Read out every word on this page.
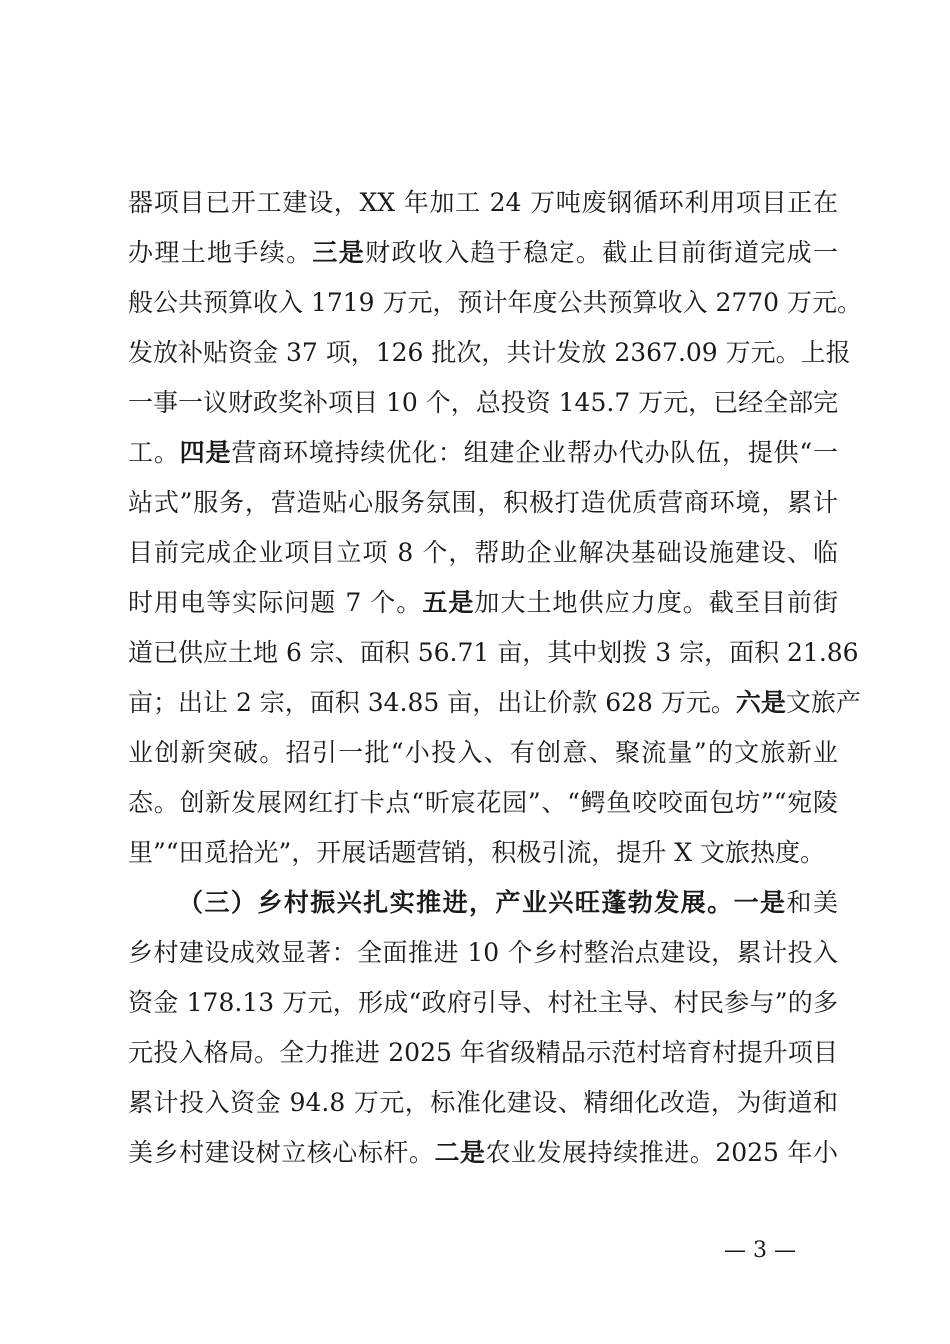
器项目已开工建设，XX 年加工 24 万吨废钢循环利用项目正在
办理土地手续。三是财政收入趋于稳定。截止目前街道完成一
般公共预算收入 1719 万元，预计年度公共预算收入 2770 万元。
发放补贴资金 37 项，126 批次，共计发放 2367.09 万元。上报
一事一议财政奖补项目 10 个，总投资 145.7 万元，已经全部完
工。四是营商环境持续优化：组建企业帮办代办队伍，提供“一
站式”服务，营造贴心服务氛围，积极打造优质营商环境，累计
目前完成企业项目立项 8 个，帮助企业解决基础设施建设、临
时用电等实际问题 7 个。五是加大土地供应力度。截至目前街
道已供应土地 6 宗、面积 56.71 亩，其中划拨 3 宗，面积 21.86
亩；出让 2 宗，面积 34.85 亩，出让价款 628 万元。六是文旅产
业创新突破。招引一批“小投入、有创意、聚流量”的文旅新业
态。创新发展网红打卡点“昕宸花园”、“鳄鱼咬咬面包坊”“宛陵
里”“田觅拾光”，开展话题营销，积极引流，提升 X 文旅热度。
（三）乡村振兴扎实推进，产业兴旺蓬勃发展。一是和美
乡村建设成效显著：全面推进 10 个乡村整治点建设，累计投入
资金 178.13 万元，形成“政府引导、村社主导、村民参与”的多
元投入格局。全力推进 2025 年省级精品示范村培育村提升项目
累计投入资金 94.8 万元，标准化建设、精细化改造，为街道和
美乡村建设树立核心标杆。二是农业发展持续推进。2025 年小
— 3 —
